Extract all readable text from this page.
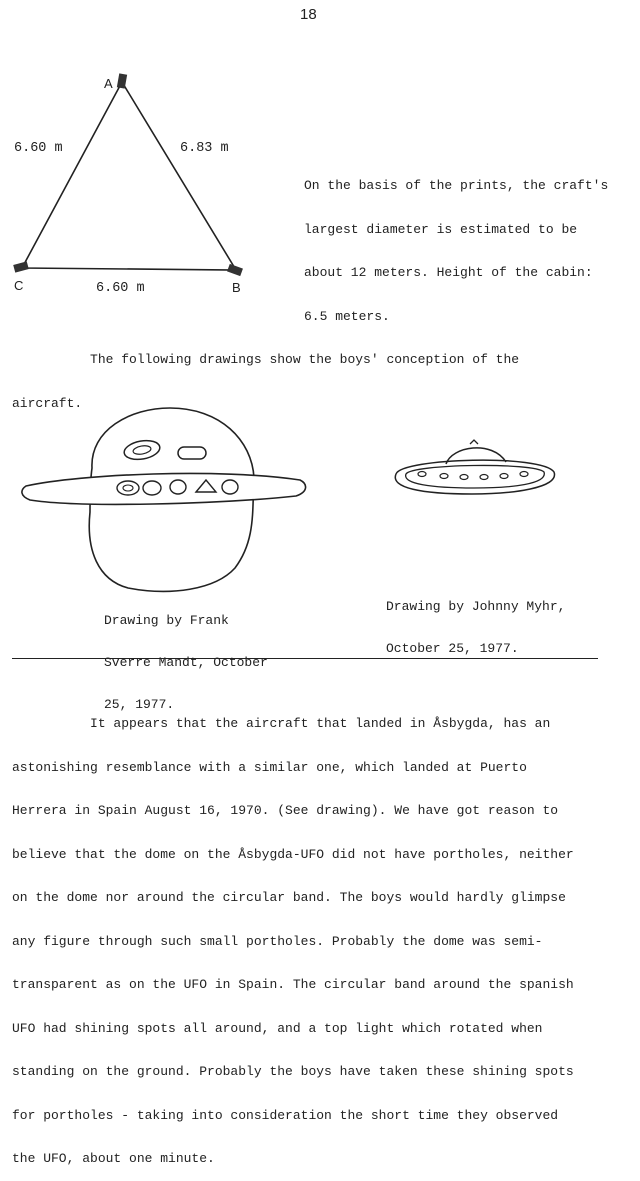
18
A
B
C
6.60 m	6.83 m
6.60 m

On the basis of the prints, the craft's

largest diameter is estimated to be

about 12 meters. Height of the cabin:

6.5 meters.

The following drawings show the boys' conception of the

aircraft.

Drawing by Frank

Sverre Mandt, October

25, 1977.

Drawing by Johnny Myhr,

October 25, 1977.

It appears that the aircraft that landed in Åsbygda, has an

astonishing resemblance with a similar one, which landed at Puerto

Herrera in Spain August 16, 1970. (See drawing). We have got reason to

believe that the dome on the Åsbygda-UFO did not have portholes, neither

on the dome nor around the circular band. The boys would hardly glimpse

any figure through such small portholes. Probably the dome was semi-

transparent as on the UFO in Spain. The circular band around the spanish

UFO had shining spots all around, and a top light which rotated when

standing on the ground. Probably the boys have taken these shining spots

for portholes - taking into consideration the short time they observed

the UFO, about one minute.
